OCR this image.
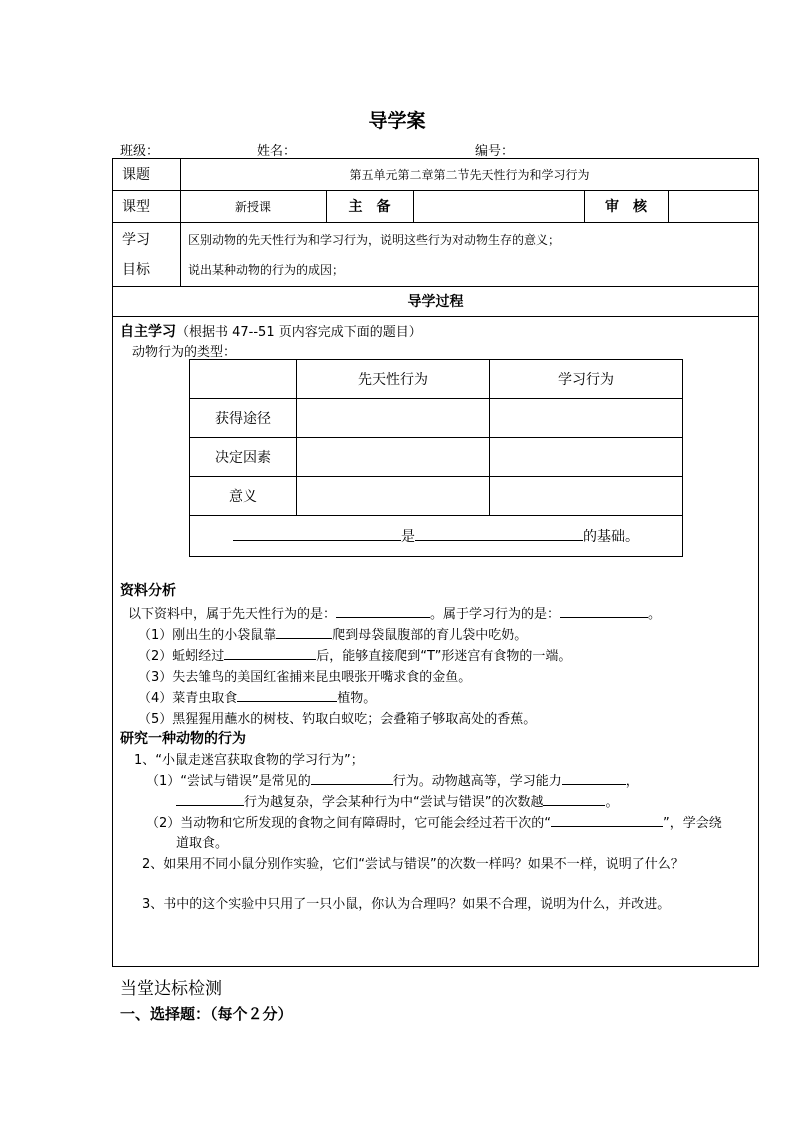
导学案
班级：	姓名：	编号：
课题	第五单元第二章第二节先天性行为和学习行为
课型	新授课	主　备	审　核
学习
目标
区别动物的先天性行为和学习行为，说明这些行为对动物生存的意义；
说出某种动物的行为的成因；
导学过程
自主学习（根据书 47--51 页内容完成下面的题目）
动物行为的类型：
	先天性行为	学习行为
获得途径		
决定因素		
意义		
是 的基础。		
资料分析
以下资料中，属于先天性行为的是：	。属于学习行为的是：	。
（1）刚出生的小袋鼠靠	爬到母袋鼠腹部的育儿袋中吃奶。
（2）蚯蚓经过	后，能够直接爬到“T”形迷宫有食物的一端。
（3）失去雏鸟的美国红雀捕来昆虫喂张开嘴求食的金鱼。
（4）菜青虫取食	植物。
（5）黑猩猩用蘸水的树枝、钓取白蚁吃；会叠箱子够取高处的香蕉。
研究一种动物的行为
1、“小鼠走迷宫获取食物的学习行为”；
（1）“尝试与错误”是常见的	行为。动物越高等，学习能力	，
行为越复杂，学会某种行为中“尝试与错误”的次数越	。
（2）当动物和它所发现的食物之间有障碍时，它可能会经过若干次的“	”，学会绕
道取食。
2、如果用不同小鼠分别作实验，它们“尝试与错误”的次数一样吗？如果不一样，说明了什么？
3、书中的这个实验中只用了一只小鼠，你认为合理吗？如果不合理，说明为什么，并改进。
当堂达标检测
一、选择题：（每个２分）
